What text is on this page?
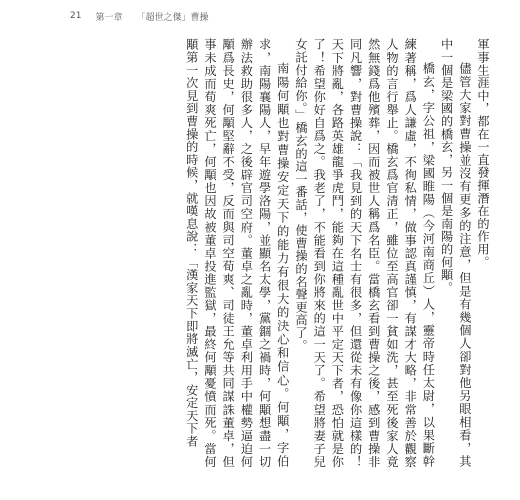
21 第一章 「超世之傑」曹操

軍事生涯中，都在一直發揮潛在的作用。

儘管大家對曹操並沒有更多的注意，但是有幾個人卻對他另眼相看，其中一個是梁國的橋玄，另一個是南陽的何顒。

橋玄，字公祖，梁國睢陽（今河南商丘）人，靈帝時任太尉，以果斷幹練著稱，爲人謙虛，不徇私情，做事認真謹慎，有謀才大略，非常善於觀察人物的言行舉止。橋玄爲官清正，雖位至高官卻一貧如洗，甚至死後家人竟然無錢爲他殯葬，因而被世人稱爲名臣。當橋玄看到曹操之後，感到曹操非同凡響，對曹操說：「我見到的天下名士有很多，但還從未有像你這樣的！天下將亂，各路英雄龍爭虎鬥，能夠在這種亂世中平定天下者，恐怕就是你了！希望你好自爲之。我老了，不能看到你將來的這一天了。希望將妻子兒女託付給你。」橋玄的這一番話，使曹操的名聲更高了。

南陽何顒也對曹操安定天下的能力有很大的決心和信心。何顒，字伯求，南陽襄陽人，早年遊學洛陽，並顯名太學，黨錮之禍時，何顒想盡一切辦法救助很多人，之後辟官司空府。董卓之亂時，董卓利用手中權勢逼迫何顒爲長史，何顒堅辭不受，反而與司空荀爽、司徒王允等共同謀誅董卓，但事未成而荀爽死亡，何顒也因故被董卓投進監獄，最終何顒憂憤而死。當何顒第一次見到曹操的時候，就嘆息說：「漢家天下即將滅亡，安定天下者
